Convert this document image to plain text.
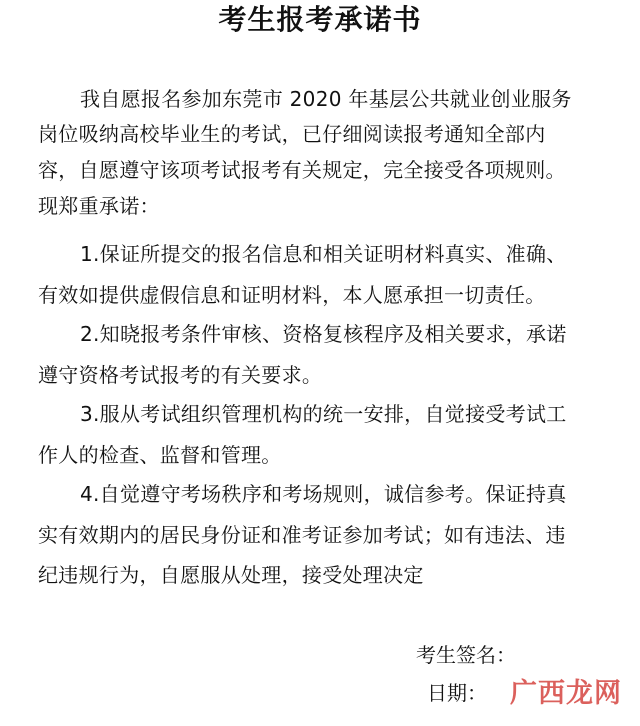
考生报考承诺书
我自愿报名参加东莞市 2020 年基层公共就业创业服务
岗位吸纳高校毕业生的考试，已仔细阅读报考通知全部内
容，自愿遵守该项考试报考有关规定，完全接受各项规则。
现郑重承诺：
1.保证所提交的报名信息和相关证明材料真实、准确、
有效如提供虚假信息和证明材料，本人愿承担一切责任。
2.知晓报考条件审核、资格复核程序及相关要求，承诺
遵守资格考试报考的有关要求。
3.服从考试组织管理机构的统一安排，自觉接受考试工
作人的检查、监督和管理。
4.自觉遵守考场秩序和考场规则，诚信参考。保证持真
实有效期内的居民身份证和准考证参加考试；如有违法、违
纪违规行为，自愿服从处理，接受处理决定
考生签名：
日期： 广西龙网
